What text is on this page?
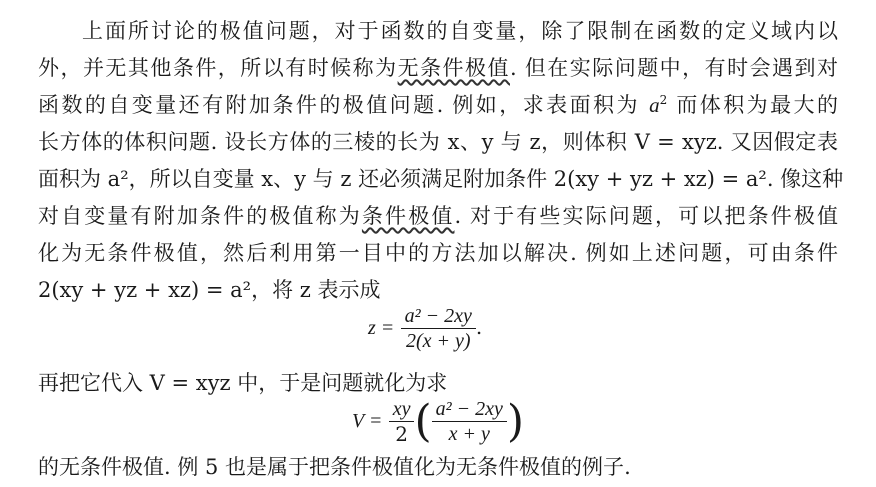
上面所讨论的极值问题，对于函数的自变量，除了限制在函数的定义域内以
外，并无其他条件，所以有时候称为无条件极值. 但在实际问题中，有时会遇到对
函数的自变量还有附加条件的极值问题. 例如，求表面积为 $a^2$ 而体积为最大的
长方体的体积问题. 设长方体的三棱的长为 x、y 与 z，则体积 V = xyz. 又因假定表
面积为 a²，所以自变量 x、y 与 z 还必须满足附加条件 2(xy + yz + xz) = a². 像这种
对自变量有附加条件的极值称为条件极值. 对于有些实际问题，可以把条件极值
化为无条件极值，然后利用第一目中的方法加以解决. 例如上述问题，可由条件
2(xy + yz + xz) = a²，将 z 表示成
$z = \frac{\text{a² − 2xy}}{2(x + y)}$ .
再把它代入 V = xyz 中，于是问题就化为求
$V = \frac{xy}{2}$ ( $\frac{\text{a² − 2xy}}{x + y}$ )
的无条件极值. 例 5 也是属于把条件极值化为无条件极值的例子.
